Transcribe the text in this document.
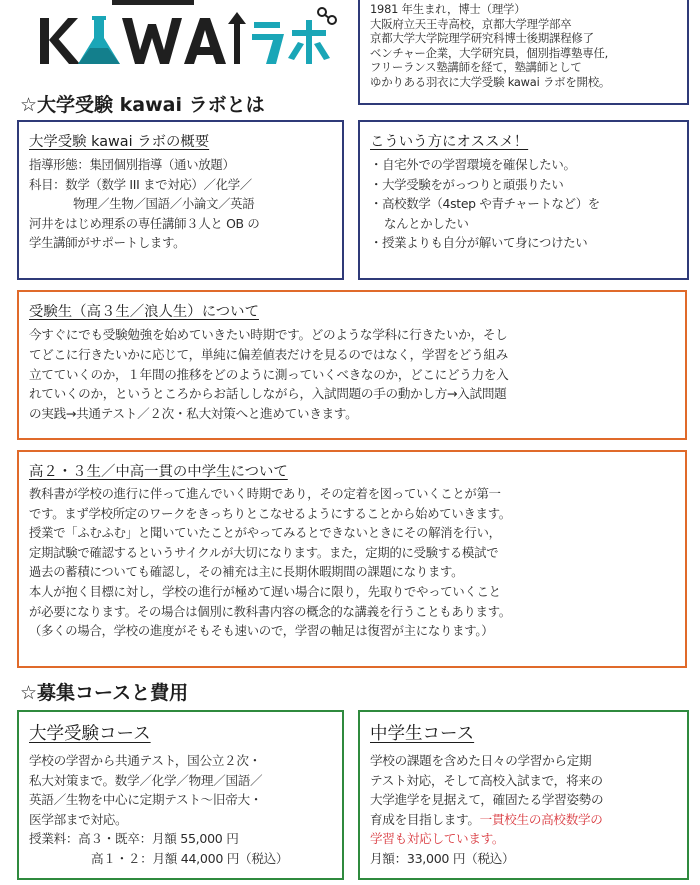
1981 年生まれ，博士（理学）

大阪府立天王寺高校，京都大学理学部卒

京都大学大学院理学研究科博士後期課程修了

ベンチャー企業，大学研究員，個別指導塾専任,

フリーランス塾講師を経て，塾講師として

ゆかりある羽衣に大学受験 kawai ラボを開校。

☆大学受験 kawai ラボとは
大学受験 kawai ラボの概要

指導形態：集団個別指導（通い放題）

科目：数学（数学 III まで対応）／化学／

物理／生物／国語／小論文／英語

河井をはじめ理系の専任講師３人と OB の

学生講師がサポートします。

こういう方にオススメ！
・自宅外での学習環境を確保したい。
・大学受験をがっつりと頑張りたい
・高校数学（4step や青チャートなど）を
なんとかしたい
・授業よりも自分が解いて身につけたい
受験生（高３生／浪人生）について

今すぐにでも受験勉強を始めていきたい時期です。どのような学科に行きたいか，そし

てどこに行きたいかに応じて，単純に偏差値表だけを見るのではなく，学習をどう組み

立てていくのか，１年間の推移をどのように測っていくべきなのか，どこにどう力を入

れていくのか，というところからお話ししながら，入試問題の手の動かし方→入試問題

の実践→共通テスト／２次・私大対策へと進めていきます。

高２・３生／中高一貫の中学生について

教科書が学校の進行に伴って進んでいく時期であり，その定着を図っていくことが第一

です。まず学校所定のワークをきっちりとこなせるようにすることから始めていきます。

授業で「ふむふむ」と聞いていたことがやってみるとできないときにその解消を行い，

定期試験で確認するというサイクルが大切になります。また，定期的に受験する模試で

過去の蓄積についても確認し，その補充は主に長期休暇期間の課題になります。

本人が抱く目標に対し，学校の進行が極めて遅い場合に限り，先取りでやっていくこと

が必要になります。その場合は個別に教科書内容の概念的な講義を行うこともあります。

（多くの場合，学校の進度がそもそも速いので，学習の軸足は復習が主になります。）

☆募集コースと費用
大学受験コース

学校の学習から共通テスト，国公立２次・

私大対策まで。数学／化学／物理／国語／

英語／生物を中心に定期テスト〜旧帝大・

医学部まで対応。

授業料：高３・既卒：月額 55,000 円

高１・２：月額 44,000 円（税込）

中学生コース

学校の課題を含めた日々の学習から定期

テスト対応，そして高校入試まで，将来の

大学進学を見据えて，確固たる学習姿勢の

育成を目指します。一貫校生の高校数学の

学習も対応しています。

月額：33,000 円（税込）
